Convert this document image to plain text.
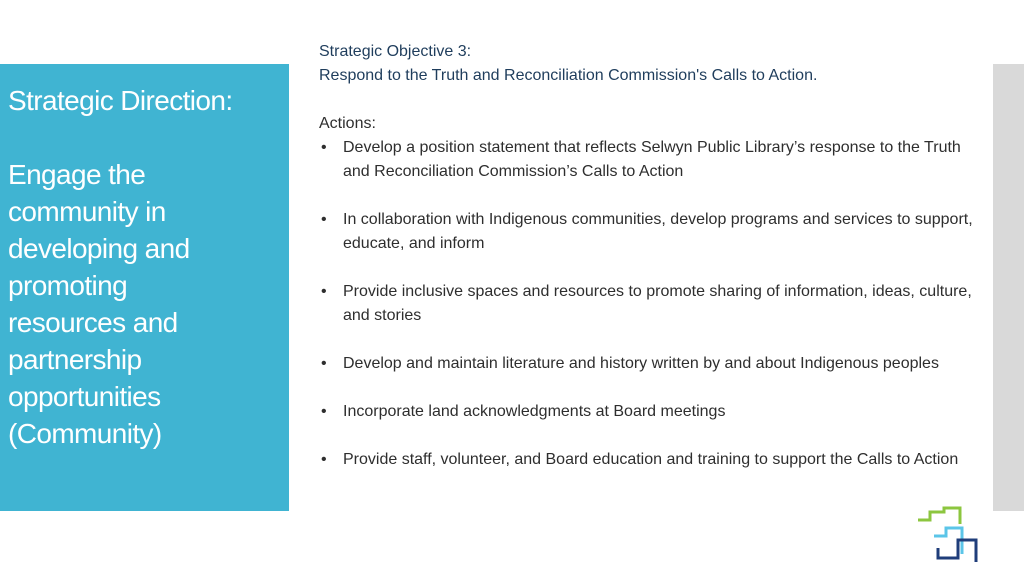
Strategic Direction:
Engage the
community in
developing and
promoting
resources and
partnership
opportunities
(Community)
Strategic Objective 3:
Respond to the Truth and Reconciliation Commission's Calls to Action.
Actions:
• Develop a position statement that reflects Selwyn Public Library’s response to the Truth and Reconciliation Commission’s Calls to Action
• In collaboration with Indigenous communities, develop programs and services to support, educate, and inform
• Provide inclusive spaces and resources to promote sharing of information, ideas, culture, and stories
• Develop and maintain literature and history written by and about Indigenous peoples
• Incorporate land acknowledgments at Board meetings
• Provide staff, volunteer, and Board education and training to support the Calls to Action
